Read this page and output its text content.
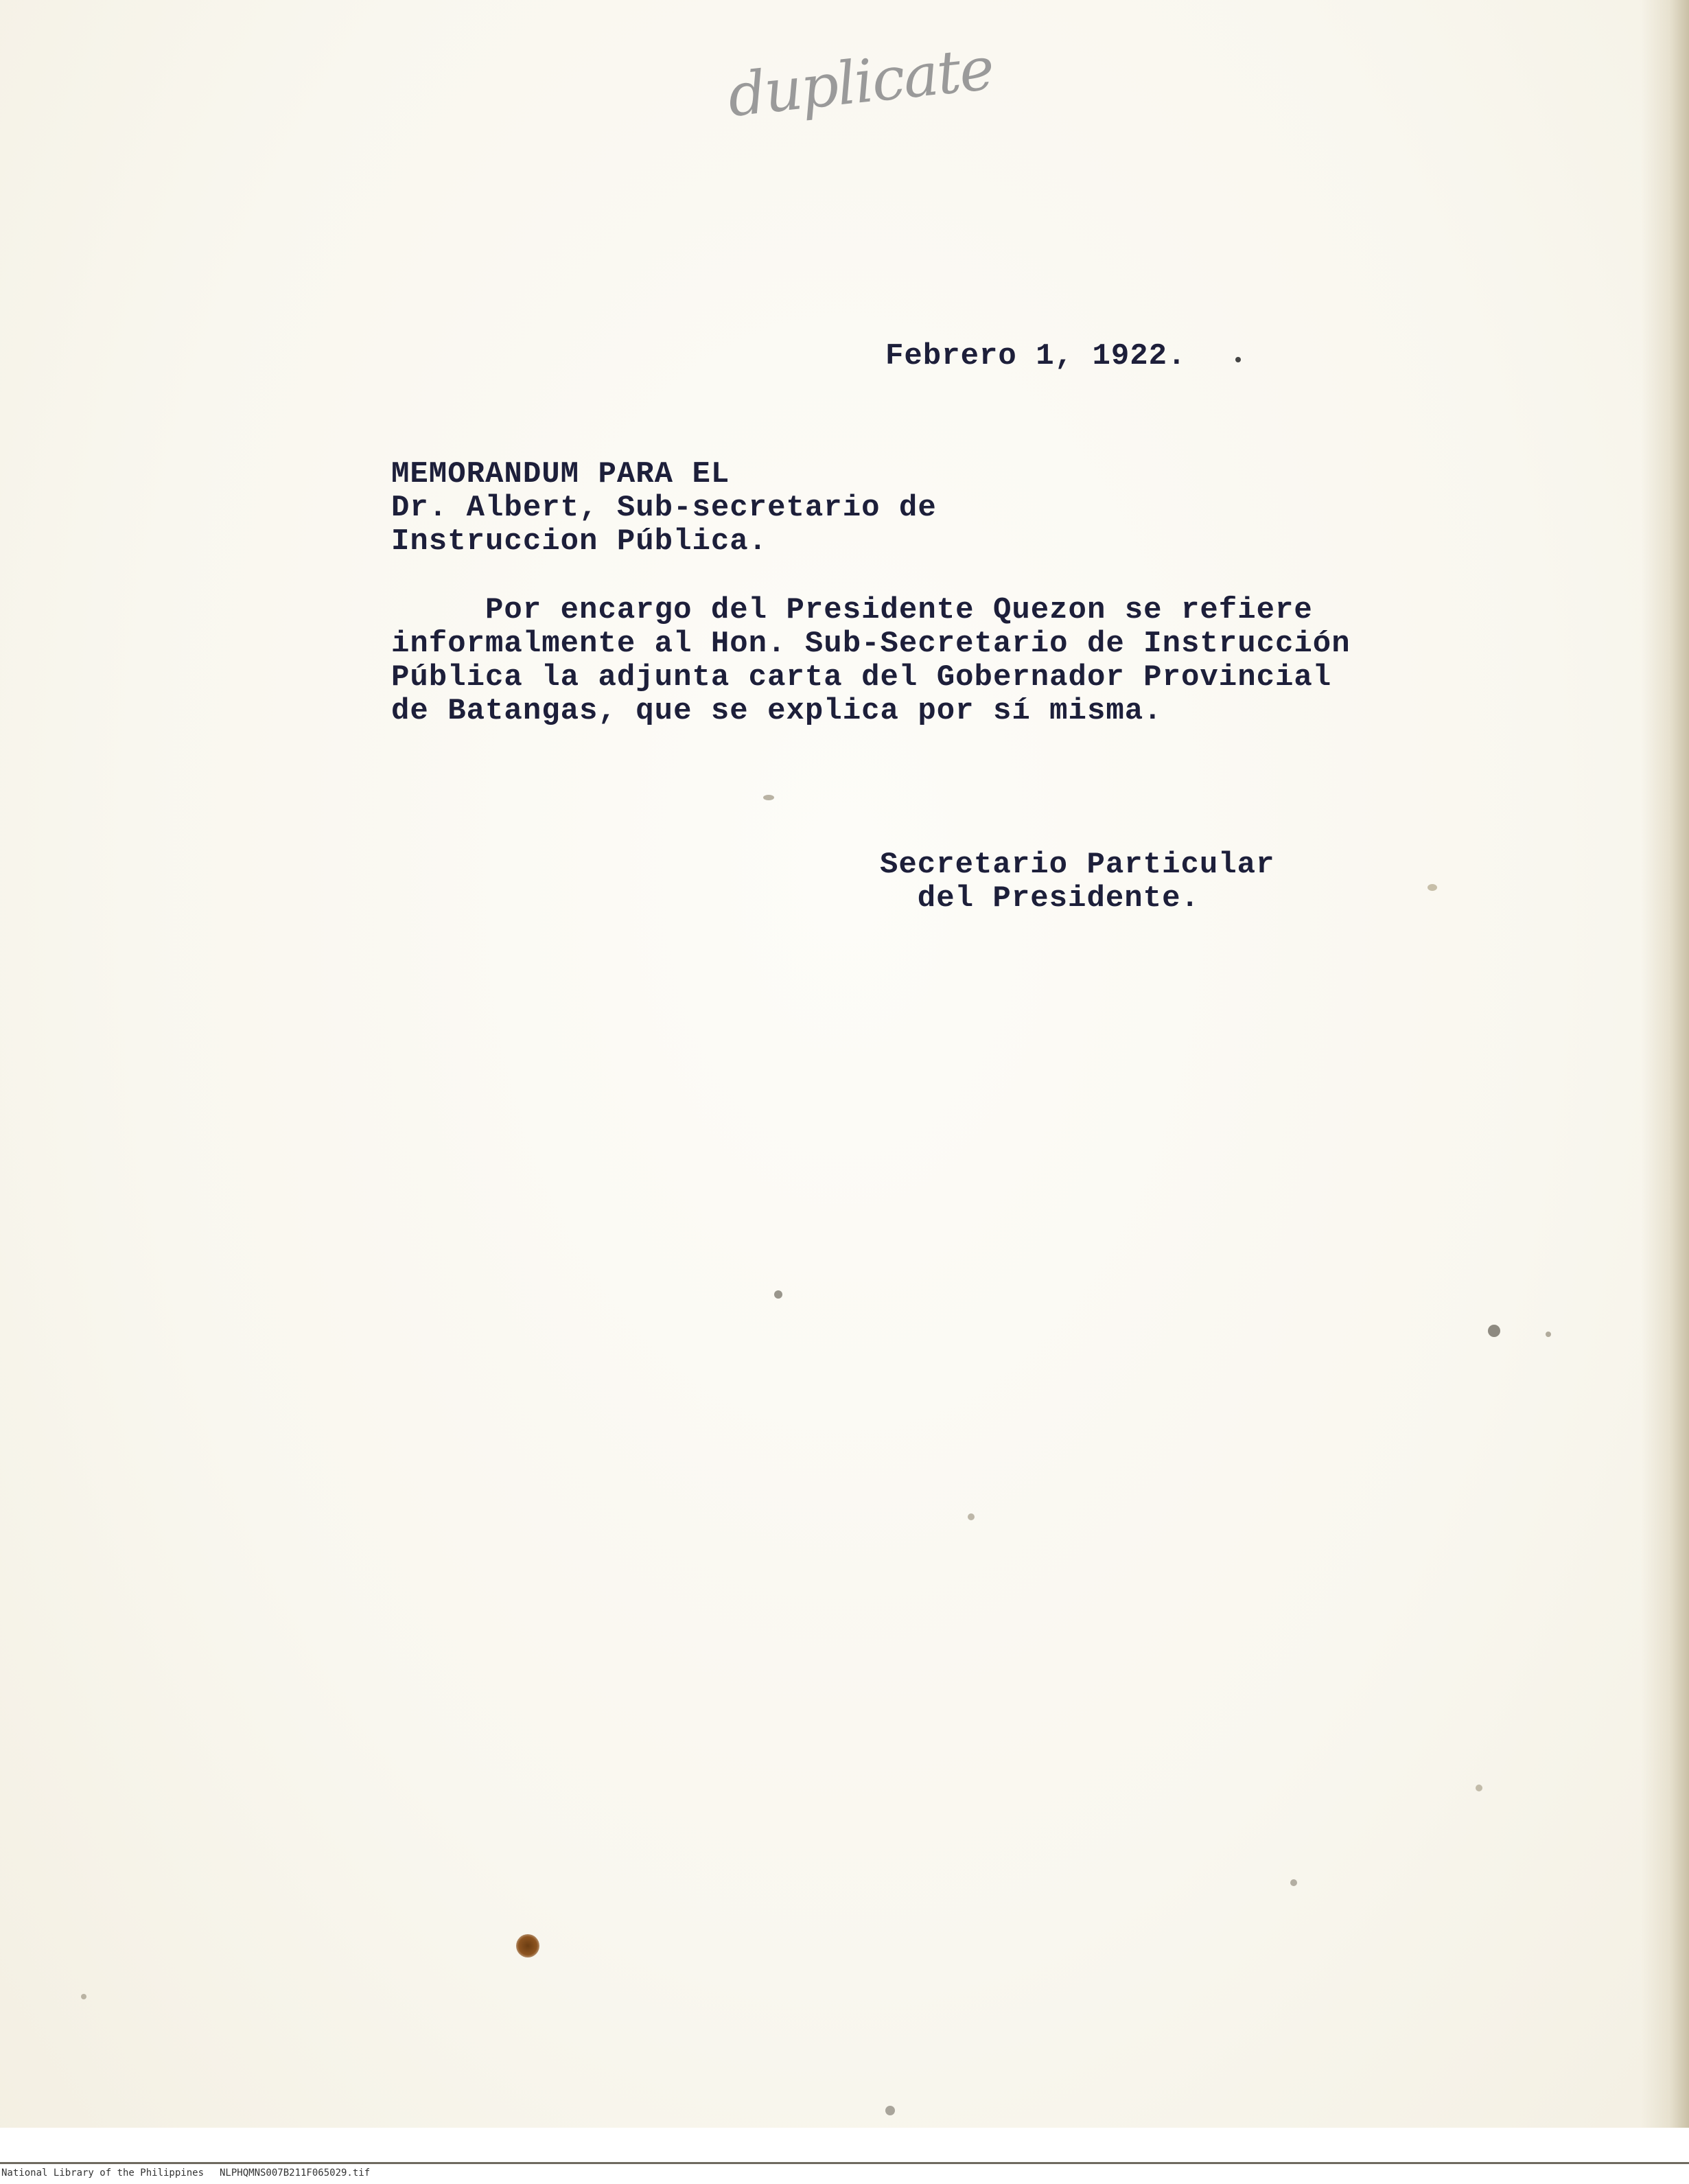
duplicate
Febrero 1, 1922.
MEMORANDUM PARA EL
Dr. Albert, Sub-secretario de
Instruccion Pública.
Por encargo del Presidente Quezon se refiere
informalmente al Hon. Sub-Secretario de Instrucción
Pública la adjunta carta del Gobernador Provincial
de Batangas, que se explica por sí misma.
Secretario Particular
del Presidente.
National Library of the Philippines NLPHQMNS007B211F065029.tif
